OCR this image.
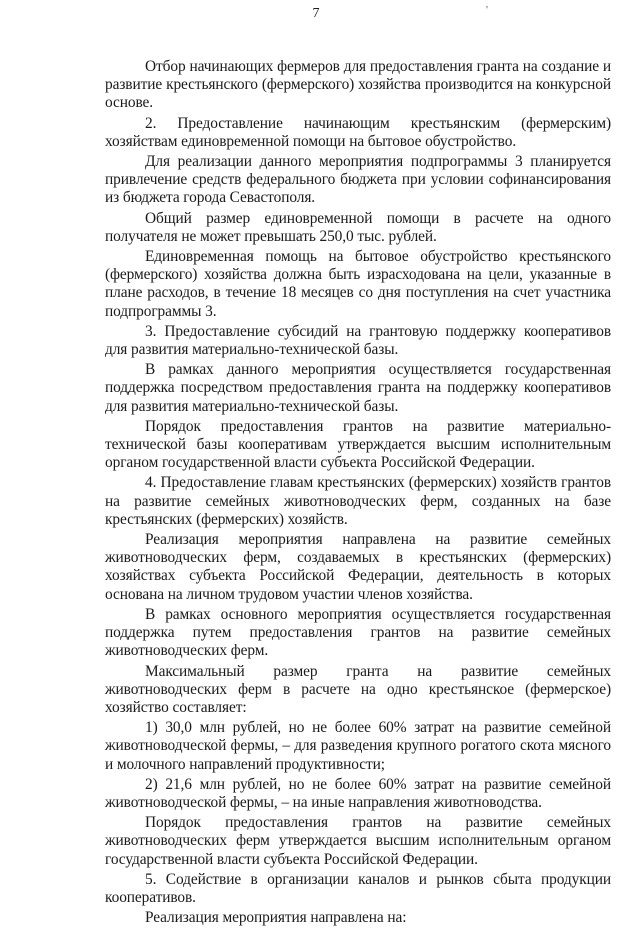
7	'

Отбор начинающих фермеров для предоставления гранта на создание и развитие крестьянского (фермерского) хозяйства производится на конкурсной основе.

2. Предоставление начинающим крестьянским (фермерским) хозяйствам единовременной помощи на бытовое обустройство.

Для реализации данного мероприятия подпрограммы 3 планируется привлечение средств федерального бюджета при условии софинансирования из бюджета города Севастополя.

Общий размер единовременной помощи в расчете на одного получателя не может превышать 250,0 тыс. рублей.

Единовременная помощь на бытовое обустройство крестьянского (фермерского) хозяйства должна быть израсходована на цели, указанные в плане расходов, в течение 18 месяцев со дня поступления на счет участника подпрограммы 3.

3. Предоставление субсидий на грантовую поддержку кооперативов для развития материально-технической базы.

В рамках данного мероприятия осуществляется государственная поддержка посредством предоставления гранта на поддержку кооперативов для развития материально-технической базы.

Порядок предоставления грантов на развитие материально-технической базы кооперативам утверждается высшим исполнительным органом государственной власти субъекта Российской Федерации.

4. Предоставление главам крестьянских (фермерских) хозяйств грантов на развитие семейных животноводческих ферм, созданных на базе крестьянских (фермерских) хозяйств.

Реализация мероприятия направлена на развитие семейных животноводческих ферм, создаваемых в крестьянских (фермерских) хозяйствах субъекта Российской Федерации, деятельность в которых основана на личном трудовом участии членов хозяйства.

В рамках основного мероприятия осуществляется государственная поддержка путем предоставления грантов на развитие семейных животноводческих ферм.

Максимальный размер гранта на развитие семейных животноводческих ферм в расчете на одно крестьянское (фермерское) хозяйство составляет:

1) 30,0 млн рублей, но не более 60% затрат на развитие семейной животноводческой фермы, – для разведения крупного рогатого скота мясного и молочного направлений продуктивности;

2) 21,6 млн рублей, но не более 60% затрат на развитие семейной животноводческой фермы, – на иные направления животноводства.

Порядок предоставления грантов на развитие семейных животноводческих ферм утверждается высшим исполнительным органом государственной власти субъекта Российской Федерации.

5. Содействие в организации каналов и рынков сбыта продукции кооперативов.

Реализация мероприятия направлена на:
